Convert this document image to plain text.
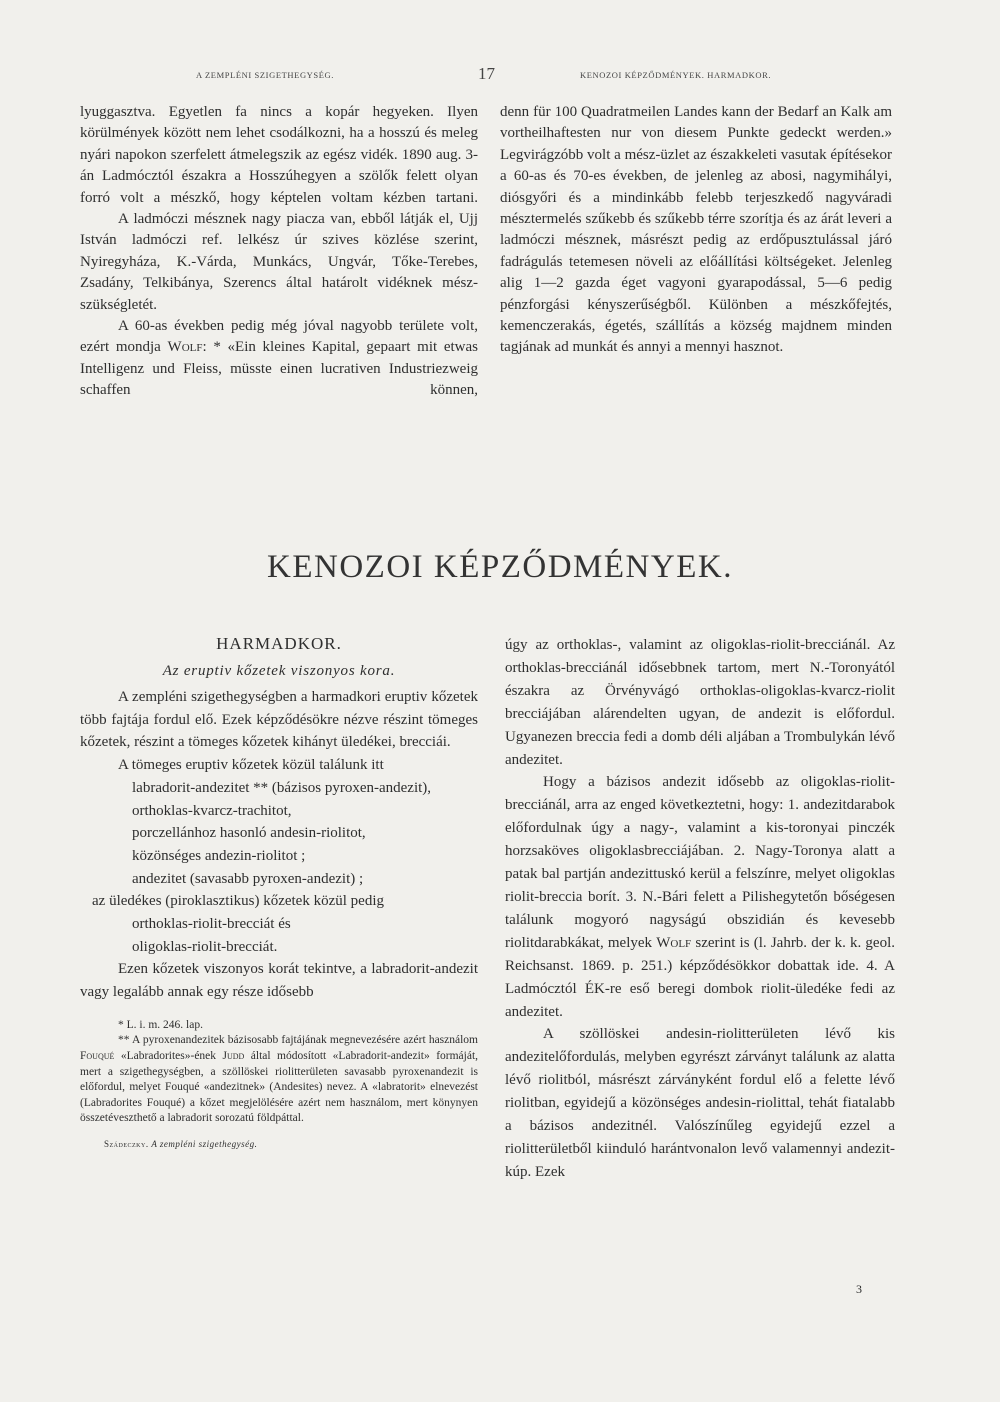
A ZEMPLÉNI SZIGETHEGYSÉG.	17	KENOZOI KÉPZŐDMÉNYEK. HARMADKOR.

lyuggasztva. Egyetlen fa nincs a kopár hegyeken. Ilyen körülmények között nem lehet csodálkozni, ha a hosszú és meleg nyári napokon szerfelett átmelegszik az egész vidék. 1890 aug. 3-án Ladmócztól északra a Hosszúhegyen a szölők felett olyan forró volt a mészkő, hogy képtelen voltam kézben tartani.

A ladmóczi mésznek nagy piacza van, ebből látják el, Ujj István ladmóczi ref. lelkész úr szives közlése szerint, Nyiregyháza, K.-Várda, Munkács, Ungvár, Tőke-Terebes, Zsadány, Telkibánya, Szerencs által határolt vidéknek mész-szükségletét.

A 60-as években pedig még jóval nagyobb területe volt, ezért mondja Wolf: * «Ein kleines Kapital, gepaart mit etwas Intelligenz und Fleiss, müsste einen lucrativen Industriezweig schaffen können,

denn für 100 Quadratmeilen Landes kann der Bedarf an Kalk am vortheilhaftesten nur von diesem Punkte gedeckt werden.» Legvirágzóbb volt a mész-üzlet az északkeleti vasutak építésekor a 60-as és 70-es években, de jelenleg az abosi, nagymihályi, diósgyőri és a mindinkább felebb terjeszkedő nagyváradi mésztermelés szűkebb és szűkebb térre szorítja és az árát leveri a ladmóczi mésznek, másrészt pedig az erdőpusztulással járó fadrágulás tetemesen növeli az előállítási költségeket. Jelenleg alig 1—2 gazda éget vagyoni gyarapodással, 5—6 pedig pénzforgási kényszerűségből. Különben a mészkőfejtés, kemenczerakás, égetés, szállítás a község majdnem minden tagjának ad munkát és annyi a mennyi hasznot.

KENOZOI KÉPZŐDMÉNYEK.

HARMADKOR.

Az eruptiv kőzetek viszonyos kora.

A zempléni szigethegységben a harmadkori eruptiv kőzetek több fajtája fordul elő. Ezek képződésökre nézve részint tömeges kőzetek, részint a tömeges kőzetek kihányt üledékei, brecciái.

A tömeges eruptiv kőzetek közül találunk itt

labradorit-andezitet ** (bázisos pyroxen-andezit),

orthoklas-kvarcz-trachitot,

porczellánhoz hasonló andesin-riolitot,

közönséges andezin-riolitot ;

andezitet (savasabb pyroxen-andezit) ;

az üledékes (piroklasztikus) kőzetek közül pedig

orthoklas-riolit-brecciát és

oligoklas-riolit-brecciát.

Ezen kőzetek viszonyos korát tekintve, a labradorit-andezit vagy legalább annak egy része idősebb

* L. i. m. 246. lap.

** A pyroxenandezitek bázisosabb fajtájának megnevezésére azért használom Fouqué «Labradorites»-ének Judd által módosított «Labradorit-andezit» formáját, mert a szigethegységben, a szöllöskei riolitterületen savasabb pyroxenandezit is előfordul, melyet Fouqué «andezitnek» (Andesites) nevez. A «labratorit» elnevezést (Labradorites Fouqué) a kőzet megjelölésére azért nem használom, mert könynyen összetéveszthető a labradorit sorozatú földpáttal.

Szádeczky. A zempléni szigethegység.

úgy az orthoklas-, valamint az oligoklas-riolit-brecciánál. Az orthoklas-brecciánál idősebbnek tartom, mert N.-Toronyától északra az Örvényvágó orthoklas-oligoklas-kvarcz-riolit brecciájában alárendelten ugyan, de andezit is előfordul. Ugyanezen breccia fedi a domb déli aljában a Trombulykán lévő andezitet.

Hogy a bázisos andezit idősebb az oligoklas-riolit-brecciánál, arra az enged következtetni, hogy: 1. andezitdarabok előfordulnak úgy a nagy-, valamint a kis-toronyai pinczék horzsaköves oligoklasbrecciájában. 2. Nagy-Toronya alatt a patak bal partján andezittuskó kerül a felszínre, melyet oligoklas riolit-breccia borít. 3. N.-Bári felett a Pilishegytetőn bőségesen találunk mogyoró nagyságú obszidián és kevesebb riolitdarabkákat, melyek Wolf szerint is (l. Jahrb. der k. k. geol. Reichsanst. 1869. p. 251.) képződésökkor dobattak ide. 4. A Ladmócztól ÉK-re eső beregi dombok riolit-üledéke fedi az andezitet.

A szöllöskei andesin-riolitterületen lévő kis andezitelőfordulás, melyben egyrészt zárványt találunk az alatta lévő riolitból, másrészt zárványként fordul elő a felette lévő riolitban, egyidejű a közönséges andesin-riolittal, tehát fiatalabb a bázisos andezitnél. Valószínűleg egyidejű ezzel a riolitterületből kiinduló harántvonalon levő valamennyi andezit-kúp. Ezek

3
